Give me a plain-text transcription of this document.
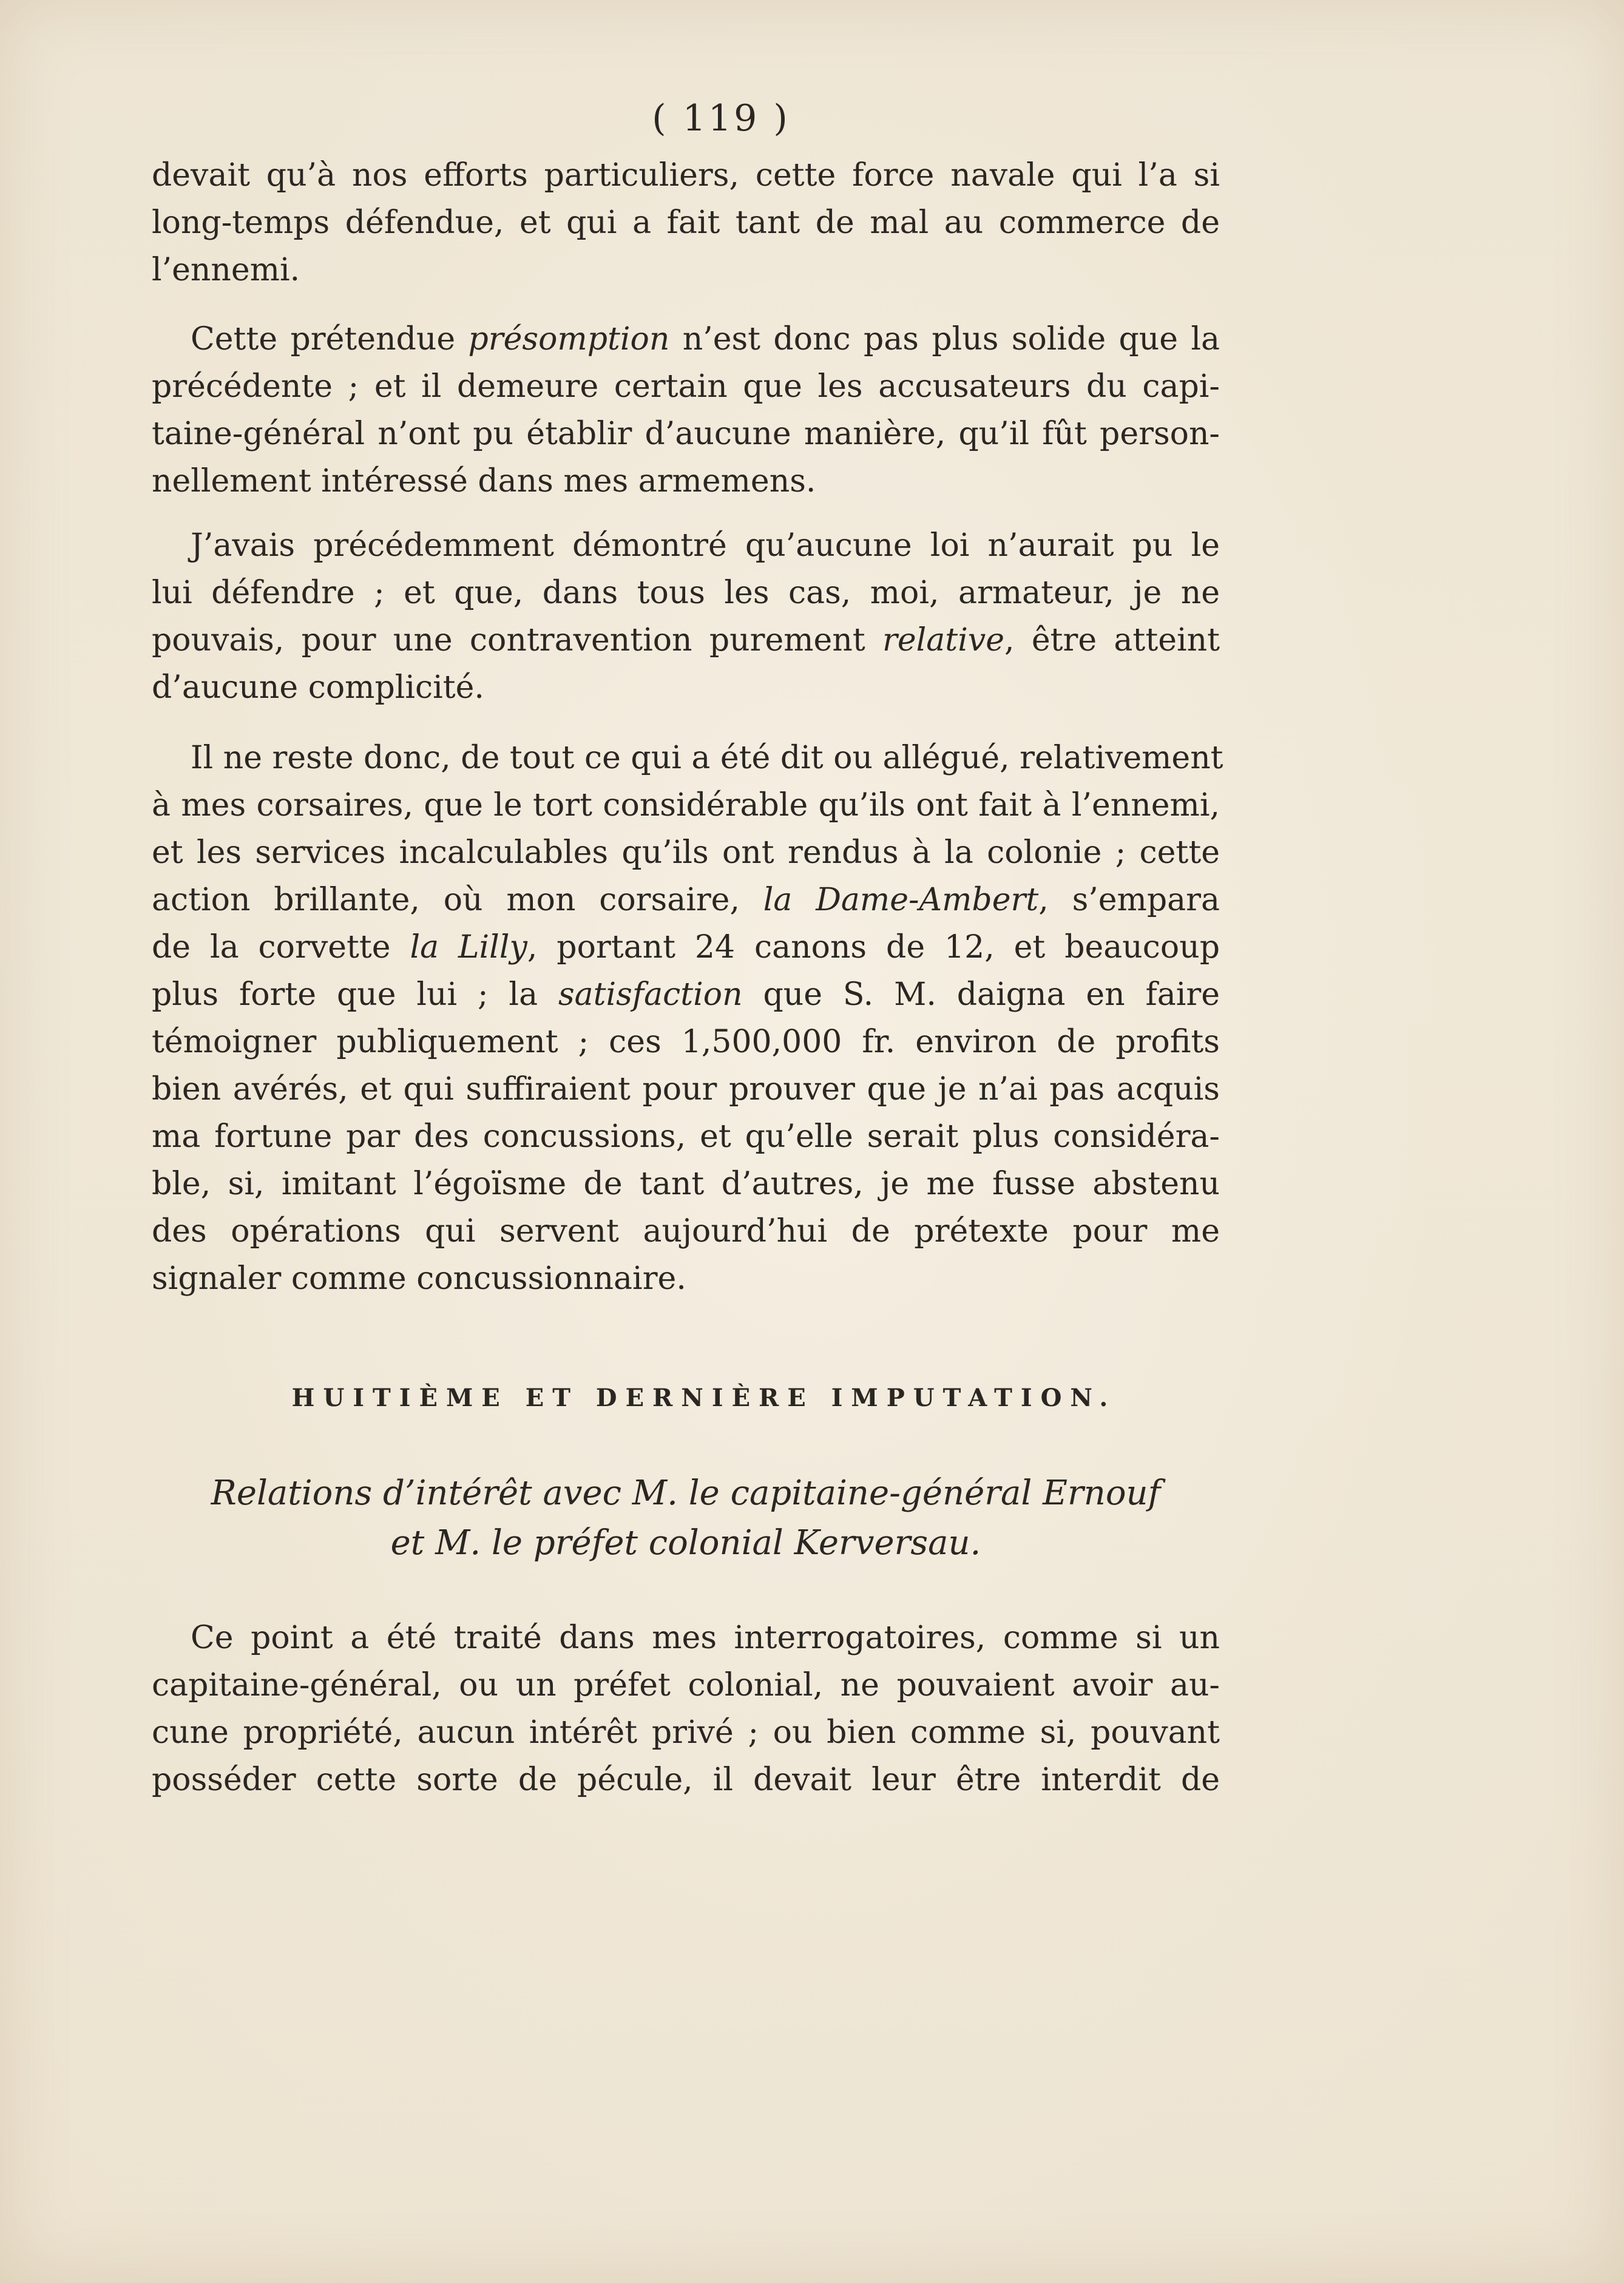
( 119 )
devait qu’à nos efforts particuliers, cette force navale qui l’a si
long-temps défendue, et qui a fait tant de mal au commerce de
l’ennemi.
Cette prétendue présomption n’est donc pas plus solide que la
précédente ; et il demeure certain que les accusateurs du capi-
taine-général n’ont pu établir d’aucune manière, qu’il fût person-
nellement intéressé dans mes armemens.
J’avais précédemment démontré qu’aucune loi n’aurait pu le
lui défendre ; et que, dans tous les cas, moi, armateur, je ne
pouvais, pour une contravention purement relative, être atteint
d’aucune complicité.
Il ne reste donc, de tout ce qui a été dit ou allégué, relativement
à mes corsaires, que le tort considérable qu’ils ont fait à l’ennemi,
et les services incalculables qu’ils ont rendus à la colonie ; cette
action brillante, où mon corsaire, la Dame-Ambert, s’empara
de la corvette la Lilly, portant 24 canons de 12, et beaucoup
plus forte que lui ; la satisfaction que S. M. daigna en faire
témoigner publiquement ; ces 1,500,000 fr. environ de profits
bien avérés, et qui suffiraient pour prouver que je n’ai pas acquis
ma fortune par des concussions, et qu’elle serait plus considéra-
ble, si, imitant l’égoïsme de tant d’autres, je me fusse abstenu
des opérations qui servent aujourd’hui de prétexte pour me
signaler comme concussionnaire.
HUITIÈME ET DERNIÈRE IMPUTATION.
Relations d’intérêt avec M. le capitaine-général Ernouf
et M. le préfet colonial Kerversau.
Ce point a été traité dans mes interrogatoires, comme si un
capitaine-général, ou un préfet colonial, ne pouvaient avoir au-
cune propriété, aucun intérêt privé ; ou bien comme si, pouvant
posséder cette sorte de pécule, il devait leur être interdit de
